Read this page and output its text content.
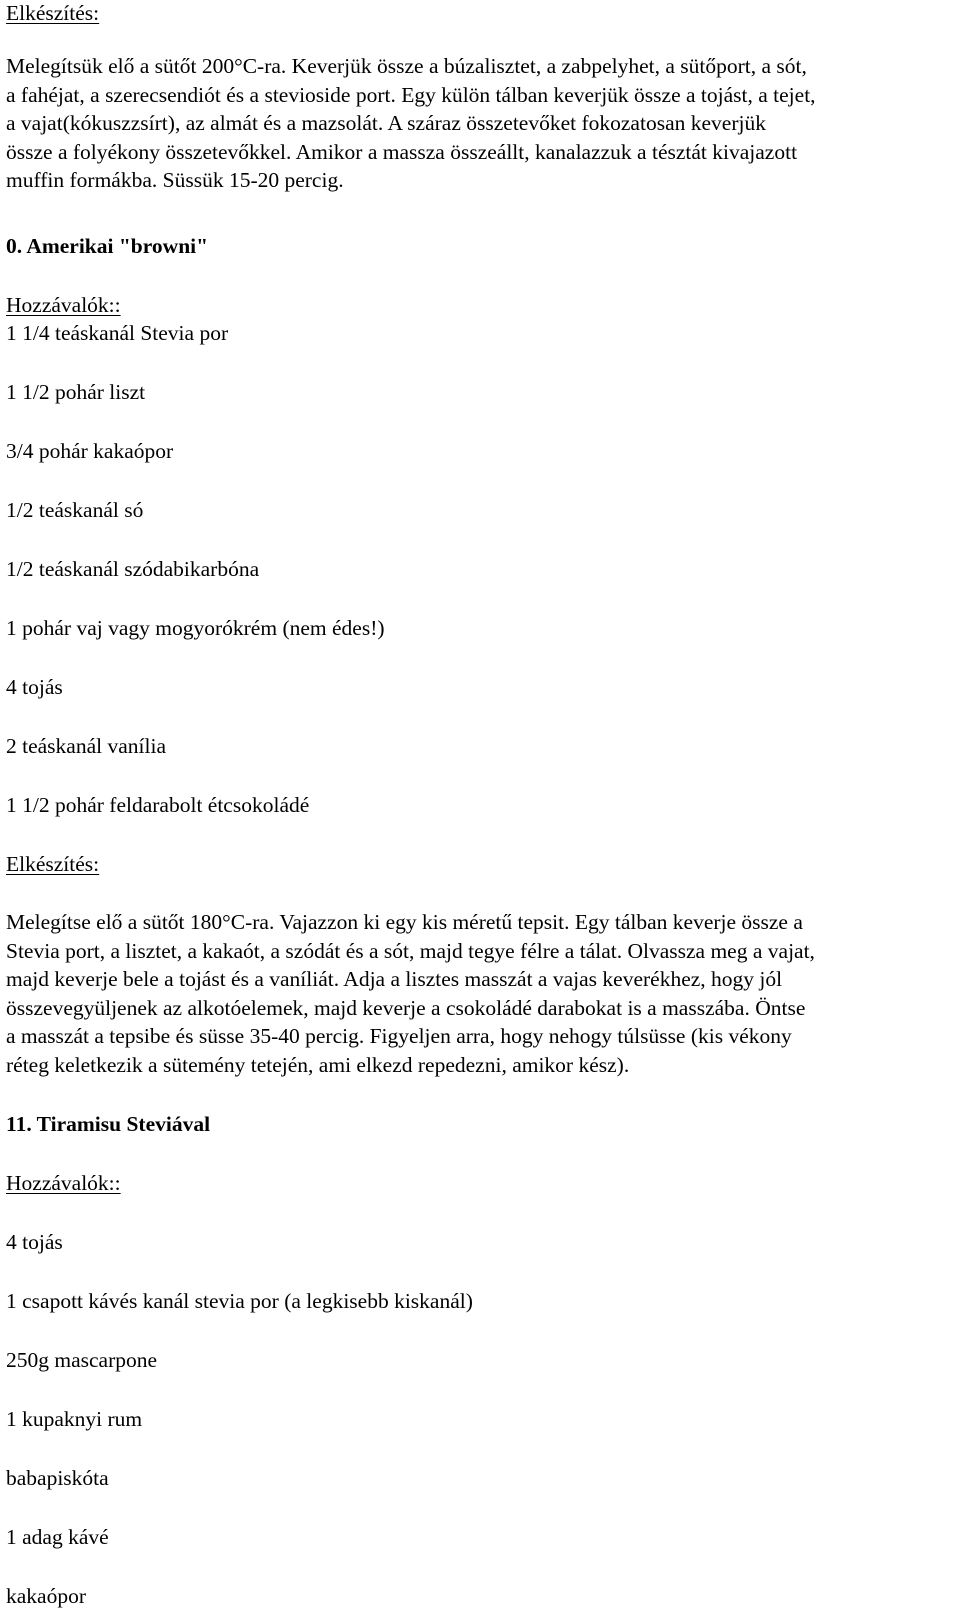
Elkészítés:
Melegítsük elő a sütőt 200°C-ra. Keverjük össze a búzalisztet, a zabpelyhet, a sütőport, a sót,
a fahéjat, a szerecsendiót és a stevioside port. Egy külön tálban keverjük össze a tojást, a tejet,
a vajat(kókuszzsírt), az almát és a mazsolát. A száraz összetevőket fokozatosan keverjük
össze a folyékony összetevőkkel. Amikor a massza összeállt, kanalazzuk a tésztát kivajazott
muffin formákba. Süssük 15-20 percig.
0. Amerikai "browni"
Hozzávalók::
1 1/4 teáskanál Stevia por
1 1/2 pohár liszt
3/4 pohár kakaópor
1/2 teáskanál só
1/2 teáskanál szódabikarbóna
1 pohár vaj vagy mogyorókrém (nem édes!)
4 tojás
2 teáskanál vanília
1 1/2 pohár feldarabolt étcsokoládé
Elkészítés:
Melegítse elő a sütőt 180°C-ra. Vajazzon ki egy kis méretű tepsit. Egy tálban keverje össze a
Stevia port, a lisztet, a kakaót, a szódát és a sót, majd tegye félre a tálat. Olvassza meg a vajat,
majd keverje bele a tojást és a vaníliát. Adja a lisztes masszát a vajas keverékhez, hogy jól
összevegyüljenek az alkotóelemek, majd keverje a csokoládé darabokat is a masszába. Öntse
a masszát a tepsibe és süsse 35-40 percig. Figyeljen arra, hogy nehogy túlsüsse (kis vékony
réteg keletkezik a sütemény tetején, ami elkezd repedezni, amikor kész).
11. Tiramisu Steviával
Hozzávalók::
4 tojás
1 csapott kávés kanál stevia por (a legkisebb kiskanál)
250g mascarpone
1 kupaknyi rum
babapiskóta
1 adag kávé
kakaópor
